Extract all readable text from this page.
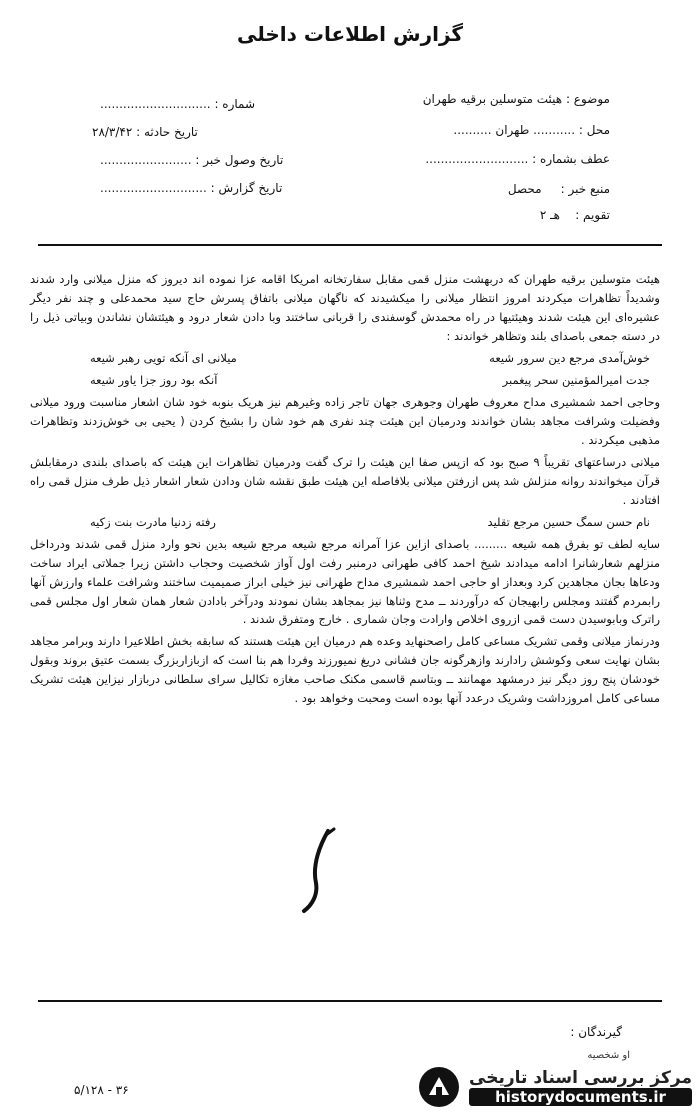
گزارش اطلاعات داخلی
موضوع : هیئت متوسلین برقیه طهران
محل : ........... طهران ..........
عطف بشماره : ...........................
منبع خبر :     محصل
تقویم :    هـ ۲
شماره : .............................
تاریخ حادثه : ۲۸/۳/۴۲
تاریخ وصول خبر : ........................
تاریخ گزارش : ............................

هیئت متوسلین برقیه طهران که دربهشت منزل قمی مقابل سفارتخانه امریکا اقامه عزا نموده اند دیروز که منزل میلانی وارد شدند وشدیداً تظاهرات میکردند امروز انتظار میلانی را میکشیدند که ناگهان میلانی باتفاق پسرش حاج سید محمدعلی و چند نفر دیگر عشیره‌ای این هیئت شدند وهیئتیها در راه محمدش گوسفندی را قربانی ساختند وبا دادن شعار درود و هیئتشان نشاندن وبیاتی ذیل را در دسته جمعی باصدای بلند وتظاهر خواندند :

خوش‌آمدی مرجع دین سرور شیعه
میلانی ای آنکه تویی رهبر شیعه
جدت امیرالمؤمنین سحر پیغمبر
آنکه بود روز جزا یاور شیعه

وحاجی احمد شمشیری مداح معروف طهران وجوهری جهان تاجر زاده وغیرهم نیز هریک بنوبه خود شان اشعار مناسبت ورود میلانی وفضیلت وشرافت مجاهد بشان خواندند ودرمیان این هیئت چند نفری هم خود شان را بشیخ کردن ( یحیی بی خوش‌زدند وتظاهرات مذهبی میکردند .

میلانی درساعتهای تقریباً ۹ صبح بود که ازپس صفا این هیئت را ترک گفت ودرمیان تظاهرات این هیئت که باصدای بلندی درمقابلش قرآن میخواندند روانه منزلش شد پس ازرفتن میلانی بلافاصله این هیئت طبق نقشه شان ودادن شعار اشعار ذیل طرف منزل قمی راه افتادند .

نام حسن سمگ حسین مرجع تقلید
رفته زدنیا مادرت بنت زکیه

سایه لطف تو بفرق همه شیعه ......... باصدای ازاین عزا آمرانه مرجع شیعه مرجع شیعه بدین نحو وارد منزل قمی شدند ودرداخل منزلهم شعارشانرا ادامه میدادند شیخ احمد کافی طهرانی درمنبر رفت اول آواز شخصیت وحجاب داشتن زیرا جملاتی ایراد ساخت ودعاها بجان مجاهدین کرد وبعداز او حاجی احمد شمشیری مداح طهرانی نیز خیلی ابراز صمیمیت ساختند وشرافت علماء وارزش آنها رابمردم گفتند ومجلس رابهیجان که درآوردند ــ مدح وثناها نیز بمجاهد بشان نمودند ودرآخر بادادن شعار همان شعار اول مجلس قمی راترک وبابوسیدن دست قمی ازروی اخلاص وارادت وجان شماری . خارج ومتفرق شدند .

ودرنماز میلانی وقمی تشریک مساعی کامل راصحنهاید وعده هم درمیان این هیئت هستند که سابقه بخش اطلاعیرا دارند وبرامر مجاهد بشان نهایت سعی وکوشش رادارند وازهرگونه جان فشانی دریغ نمیورزند وفردا هم بنا است که ازبازاربزرگ بسمت عتیق بروند وبقول خودشان پنج روز دیگر نیز درمشهد مهمانند ــ وبتاسم قاسمی مکنک صاحب مغازه تکالیل سرای سلطانی دربازار نیزاین هیئت تشریک مساعی کامل امروزداشت وشریک درعدد آنها بوده است ومحبت وخواهد بود .

گیرندگان :
او شخصیه
۵/۱۲۸ - ۳۶
مرکز بررسی اسناد تاریخی
historydocuments.ir
